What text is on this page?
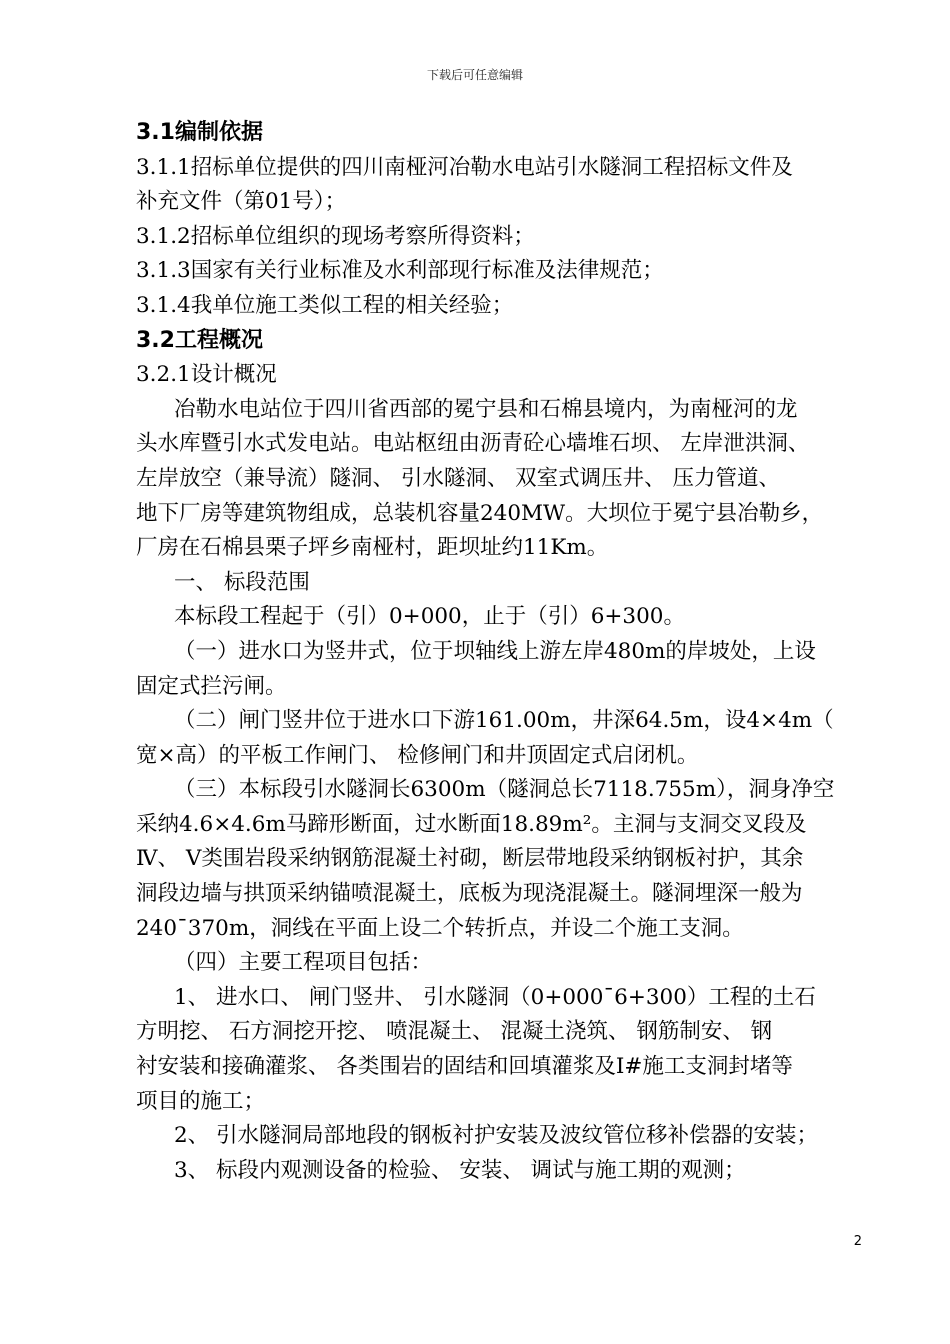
下载后可任意编辑
3.1编制依据
3.1.1招标单位提供的四川南桠河冶勒水电站引水隧洞工程招标文件及
补充文件（第01号）；
3.1.2招标单位组织的现场考察所得资料；
3.1.3国家有关行业标准及水利部现行标准及法律规范；
3.1.4我单位施工类似工程的相关经验；
3.2工程概况
3.2.1设计概况
冶勒水电站位于四川省西部的冕宁县和石棉县境内，为南桠河的龙
头水库暨引水式发电站。电站枢纽由沥青砼心墙堆石坝、 左岸泄洪洞、
左岸放空（兼导流）隧洞、 引水隧洞、 双室式调压井、 压力管道、
地下厂房等建筑物组成，总装机容量240MW。大坝位于冕宁县冶勒乡，
厂房在石棉县栗子坪乡南桠村，距坝址约11Km。
一、 标段范围
本标段工程起于（引）0+000，止于（引）6+300。
（一）进水口为竖井式，位于坝轴线上游左岸480m的岸坡处，上设
固定式拦污闸。
（二）闸门竖井位于进水口下游161.00m，井深64.5m，设4×4m（
宽×高）的平板工作闸门、 检修闸门和井顶固定式启闭机。
（三）本标段引水隧洞长6300m（隧洞总长7118.755m），洞身净空
采纳4.6×4.6m马蹄形断面，过水断面18.89m²。主洞与支洞交叉段及
Ⅳ、 Ⅴ类围岩段采纳钢筋混凝土衬砌，断层带地段采纳钢板衬护，其余
洞段边墙与拱顶采纳锚喷混凝土，底板为现浇混凝土。隧洞埋深一般为
240¯370m，洞线在平面上设二个转折点，并设二个施工支洞。
（四）主要工程项目包括：
1、 进水口、 闸门竖井、 引水隧洞（0+000¯6+300）工程的土石
方明挖、 石方洞挖开挖、 喷混凝土、 混凝土浇筑、 钢筋制安、 钢
衬安装和接确灌浆、 各类围岩的固结和回填灌浆及Ⅰ#施工支洞封堵等
项目的施工；
2、 引水隧洞局部地段的钢板衬护安装及波纹管位移补偿器的安装；
3、 标段内观测设备的检验、 安装、 调试与施工期的观测；
2
